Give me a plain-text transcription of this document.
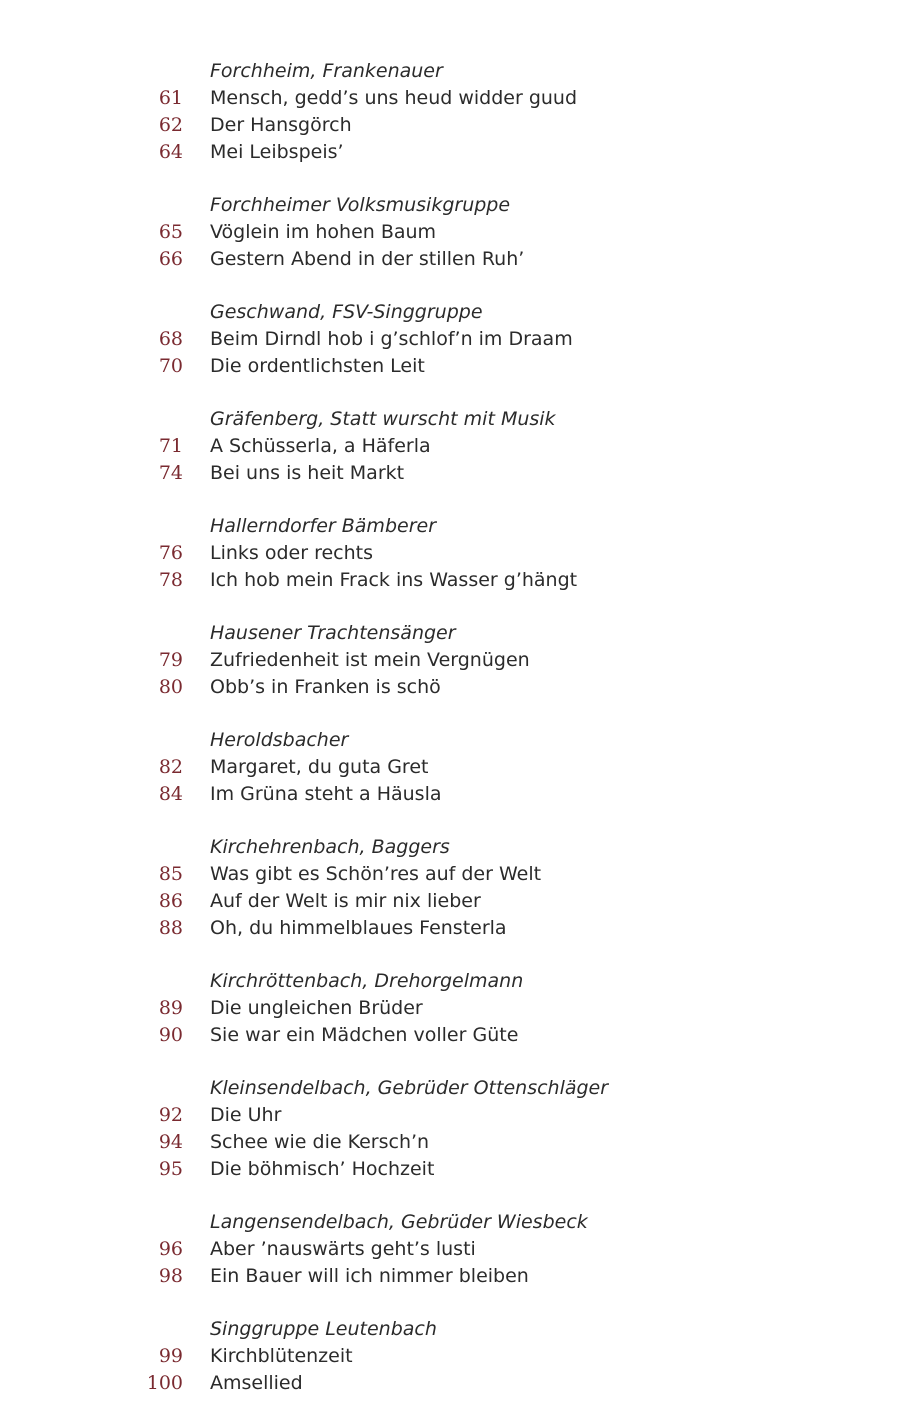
Forchheim, Frankenauer
61	Mensch, gedd’s uns heud widder guud
62	Der Hansgörch
64	Mei Leibspeis’
Forchheimer Volksmusikgruppe
65	Vöglein im hohen Baum
66	Gestern Abend in der stillen Ruh’
Geschwand, FSV-Singgruppe
68	Beim Dirndl hob i g’schlof’n im Draam
70	Die ordentlichsten Leit
Gräfenberg, Statt wurscht mit Musik
71	A Schüsserla, a Häferla
74	Bei uns is heit Markt
Hallerndorfer Bämberer
76	Links oder rechts
78	Ich hob mein Frack ins Wasser g’hängt
Hausener Trachtensänger
79	Zufriedenheit ist mein Vergnügen
80	Obb’s in Franken is schö
Heroldsbacher
82	Margaret, du guta Gret
84	Im Grüna steht a Häusla
Kirchehrenbach, Baggers
85	Was gibt es Schön’res auf der Welt
86	Auf der Welt is mir nix lieber
88	Oh, du himmelblaues Fensterla
Kirchröttenbach, Drehorgelmann
89	Die ungleichen Brüder
90	Sie war ein Mädchen voller Güte
Kleinsendelbach, Gebrüder Ottenschläger
92	Die Uhr
94	Schee wie die Kersch’n
95	Die böhmisch’ Hochzeit
Langensendelbach, Gebrüder Wiesbeck
96	Aber ’nauswärts geht’s lusti
98	Ein Bauer will ich nimmer bleiben
Singgruppe Leutenbach
99	Kirchblütenzeit
100	Amsellied
